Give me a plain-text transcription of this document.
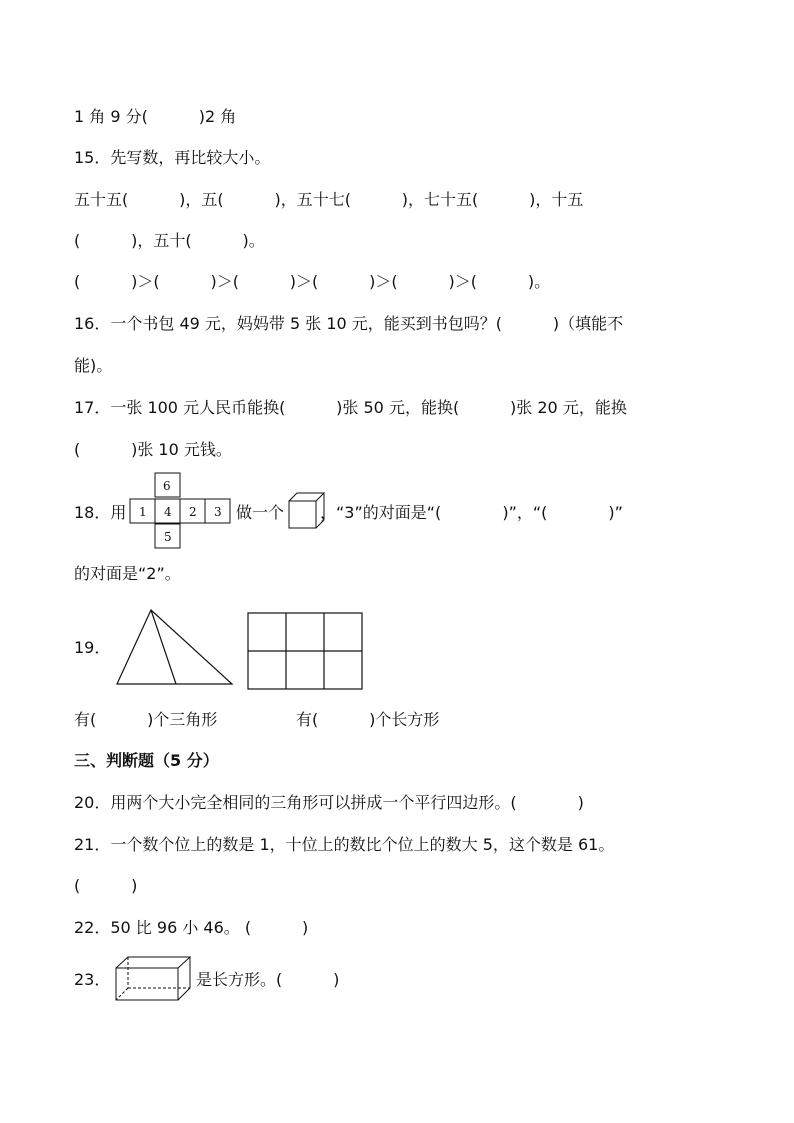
1 角 9 分(          )2 角
15．先写数，再比较大小。
五十五(          )，五(          )，五十七(          )，七十五(          )，十五
(          )，五十(          )。
(          )＞(          )＞(          )＞(          )＞(          )＞(          )。
16．一个书包 49 元，妈妈带 5 张 10 元，能买到书包吗？(          )（填能不
能)。
17．一张 100 元人民币能换(          )张 50 元，能换(          )张 20 元，能换
(          )张 10 元钱。
18．用
6
1 4 2 3
5
做一个 ，“3”的对面是“(            )”，“(            )”
的对面是“2”。
19．
有(          )个三角形	有(          )个长方形
三、判断题（5 分）
20．用两个大小完全相同的三角形可以拼成一个平行四边形。(            )
21．一个数个位上的数是 1，十位上的数比个位上的数大 5，这个数是 61。
(          )
22．50 比 96 小 46。 (          )
23．	是长方形。(          )
